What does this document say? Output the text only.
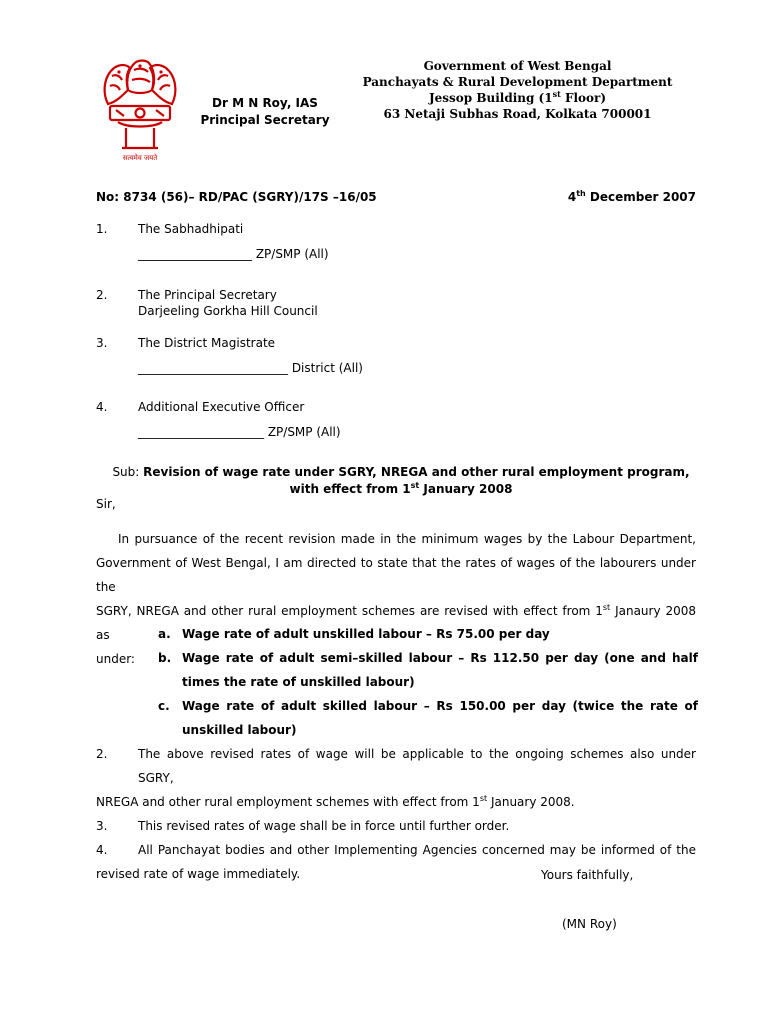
सत्यमेव जयते
Dr M N Roy, IAS
Principal Secretary
Government of West Bengal
Panchayats & Rural Development Department
Jessop Building (1st Floor)
63 Netaji Subhas Road, Kolkata 700001
No: 8734 (56)– RD/PAC (SGRY)/17S –16/05	4th December 2007
1.	The Sabhadhipati
___________________ ZP/SMP (All)
2.	The Principal Secretary
Darjeeling Gorkha Hill Council
3.	The District Magistrate
_________________________ District (All)
4.	Additional Executive Officer
_____________________ ZP/SMP (All)
Sub: Revision of wage rate under SGRY, NREGA and other rural employment program,
with effect from 1st January 2008
Sir,
In pursuance of the recent revision made in the minimum wages by the Labour Department,
Government of West Bengal, I am directed to state that the rates of wages of the labourers under the
SGRY, NREGA and other rural employment schemes are revised with effect from 1st Janaury 2008 as
under:
a. Wage rate of adult unskilled labour – Rs 75.00 per day
b. Wage rate of adult semi–skilled labour – Rs 112.50 per day (one and half
times the rate of unskilled labour)
c. Wage rate of adult skilled labour – Rs 150.00 per day (twice the rate of
unskilled labour)
2.	The above revised rates of wage will be applicable to the ongoing schemes also under SGRY,
NREGA and other rural employment schemes with effect from 1st January 2008.
3.	This revised rates of wage shall be in force until further order.
4.	All Panchayat bodies and other Implementing Agencies concerned may be informed of the
revised rate of wage immediately.	Yours faithfully,
(MN Roy)
